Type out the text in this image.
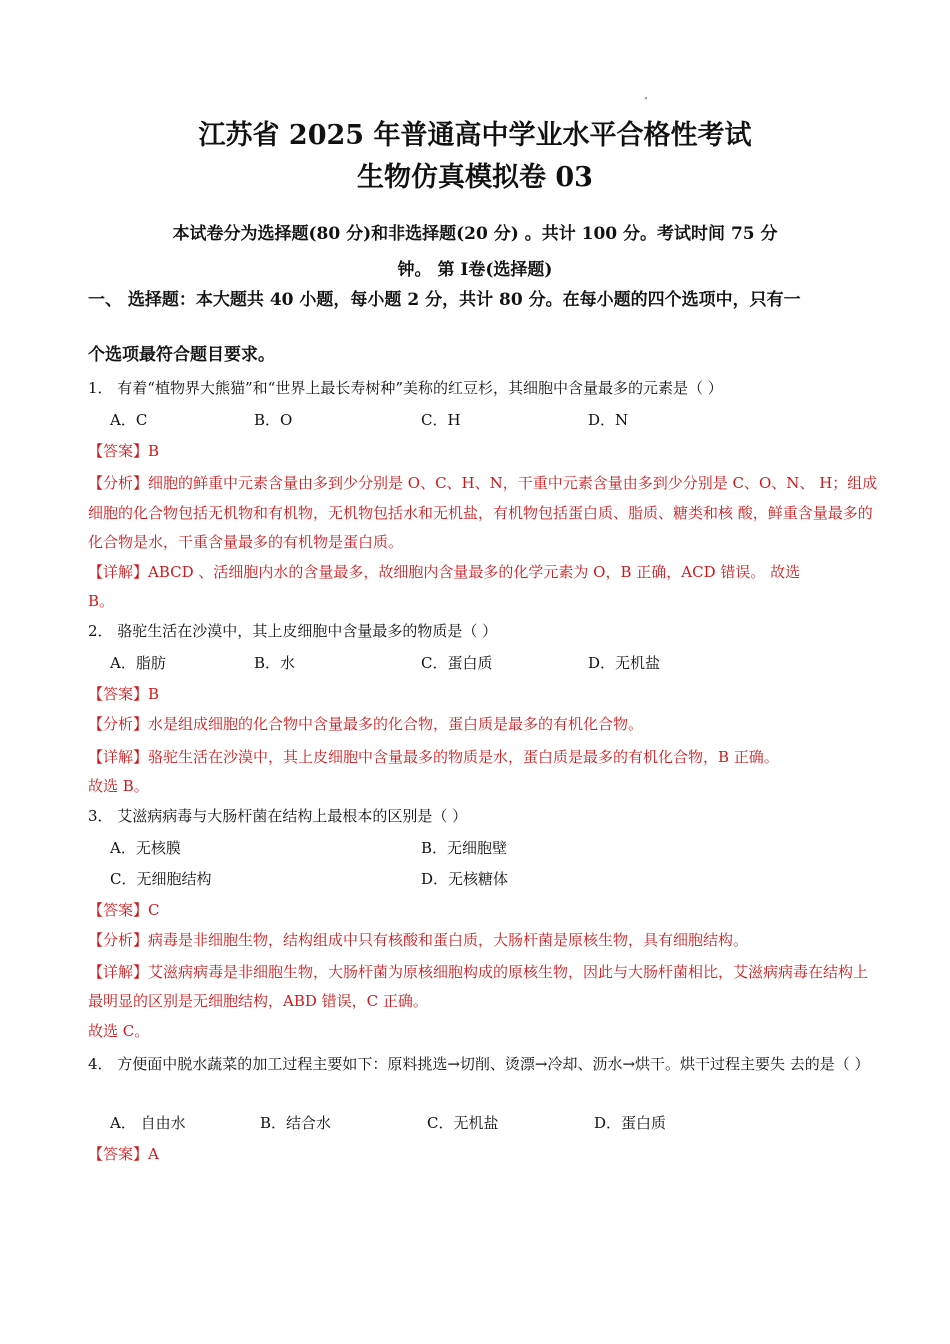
"
江苏省 2025 年普通高中学业水平合格性考试
生物仿真模拟卷 03
本试卷分为选择题(80 分)和非选择题(20 分) 。共计 100 分。考试时间 75 分
钟。 第 Ⅰ卷(选择题)
一、 选择题：本大题共 40 小题，每小题 2 分，共计 80 分。在每小题的四个选项中，只有一
个选项最符合题目要求。
1． 有着“植物界大熊猫”和“世界上最长寿树种”美称的红豆杉，其细胞中含量最多的元素是（ ）
A．C	B．O	C．H	D．N
【答案】B
【分析】细胞的鲜重中元素含量由多到少分别是 O、C、H、N，干重中元素含量由多到少分别是 C、O、N、 H；组成细胞的化合物包括无机物和有机物，无机物包括水和无机盐，有机物包括蛋白质、脂质、糖类和核 酸，鲜重含量最多的化合物是水，干重含量最多的有机物是蛋白质。
【详解】ABCD 、活细胞内水的含量最多，故细胞内含量最多的化学元素为 O，B 正确，ACD 错误。 故选 B。
2． 骆驼生活在沙漠中，其上皮细胞中含量最多的物质是（ ）
A．脂肪	B．水	C．蛋白质	D．无机盐
【答案】B
【分析】水是组成细胞的化合物中含量最多的化合物，蛋白质是最多的有机化合物。
【详解】骆驼生活在沙漠中，其上皮细胞中含量最多的物质是水，蛋白质是最多的有机化合物，B 正确。
故选 B。
3． 艾滋病病毒与大肠杆菌在结构上最根本的区别是（ ）
A．无核膜	B．无细胞壁
C．无细胞结构	D．无核糖体
【答案】C
【分析】病毒是非细胞生物，结构组成中只有核酸和蛋白质，大肠杆菌是原核生物，具有细胞结构。
【详解】艾滋病病毒是非细胞生物，大肠杆菌为原核细胞构成的原核生物，因此与大肠杆菌相比，艾滋病病毒在结构上最明显的区别是无细胞结构，ABD 错误，C 正确。
故选 C。
4． 方便面中脱水蔬菜的加工过程主要如下：原料挑选→切削、烫漂→冷却、沥水→烘干。烘干过程主要失 去的是（ ）
A． 自由水	B．结合水	C．无机盐	D．蛋白质
【答案】A
